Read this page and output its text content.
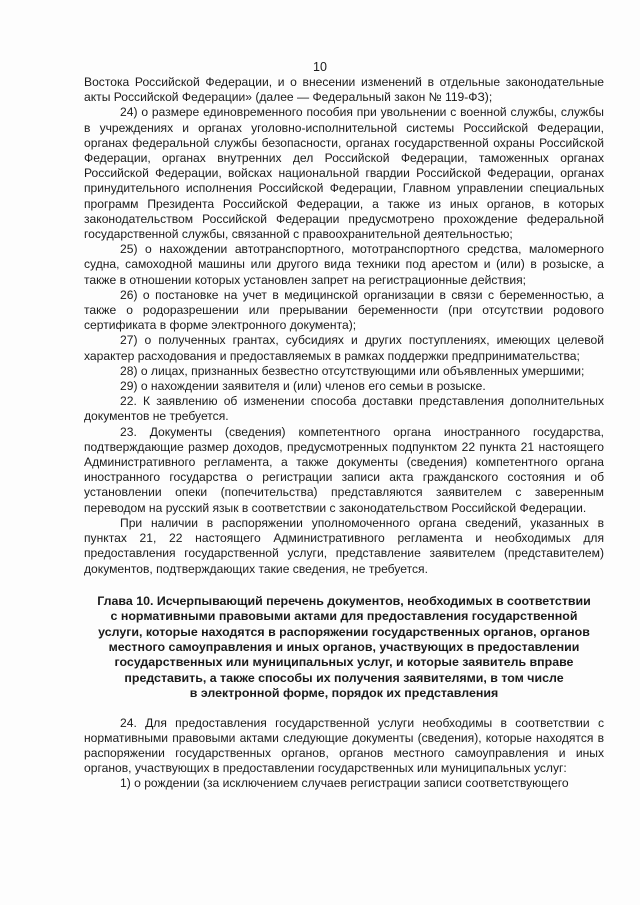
10

Востока Российской Федерации, и о внесении изменений в отдельные законодательные акты Российской Федерации» (далее — Федеральный закон № 119-ФЗ);

24) о размере единовременного пособия при увольнении с военной службы, службы в учреждениях и органах уголовно-исполнительной системы Российской Федерации, органах федеральной службы безопасности, органах государственной охраны Российской Федерации, органах внутренних дел Российской Федерации, таможенных органах Российской Федерации, войсках национальной гвардии Российской Федерации, органах принудительного исполнения Российской Федерации, Главном управлении специальных программ Президента Российской Федерации, а также из иных органов, в которых законодательством Российской Федерации предусмотрено прохождение федеральной государственной службы, связанной с правоохранительной деятельностью;

25) о нахождении автотранспортного, мототранспортного средства, маломерного судна, самоходной машины или другого вида техники под арестом и (или) в розыске, а также в отношении которых установлен запрет на регистрационные действия;

26) о постановке на учет в медицинской организации в связи с беременностью, а также о родоразрешении или прерывании беременности (при отсутствии родового сертификата в форме электронного документа);

27) о полученных грантах, субсидиях и других поступлениях, имеющих целевой характер расходования и предоставляемых в рамках поддержки предпринимательства;

28) о лицах, признанных безвестно отсутствующими или объявленных умершими;

29) о нахождении заявителя и (или) членов его семьи в розыске.

22. К заявлению об изменении способа доставки представления дополнительных документов не требуется.

23. Документы (сведения) компетентного органа иностранного государства, подтверждающие размер доходов, предусмотренных подпунктом 22 пункта 21 настоящего Административного регламента, а также документы (сведения) компетентного органа иностранного государства о регистрации записи акта гражданского состояния и об установлении опеки (попечительства) представляются заявителем с заверенным переводом на русский язык в соответствии с законодательством Российской Федерации.

При наличии в распоряжении уполномоченного органа сведений, указанных в пунктах 21, 22 настоящего Административного регламента и необходимых для предоставления государственной услуги, представление заявителем (представителем) документов, подтверждающих такие сведения, не требуется.

Глава 10. Исчерпывающий перечень документов, необходимых в соответствии
с нормативными правовыми актами для предоставления государственной
услуги, которые находятся в распоряжении государственных органов, органов
местного самоуправления и иных органов, участвующих в предоставлении
государственных или муниципальных услуг, и которые заявитель вправе
представить, а также способы их получения заявителями, в том числе
в электронной форме, порядок их представления

24. Для предоставления государственной услуги необходимы в соответствии с нормативными правовыми актами следующие документы (сведения), которые находятся в распоряжении государственных органов, органов местного самоуправления и иных органов, участвующих в предоставлении государственных или муниципальных услуг:

1) о рождении (за исключением случаев регистрации записи соответствующего
